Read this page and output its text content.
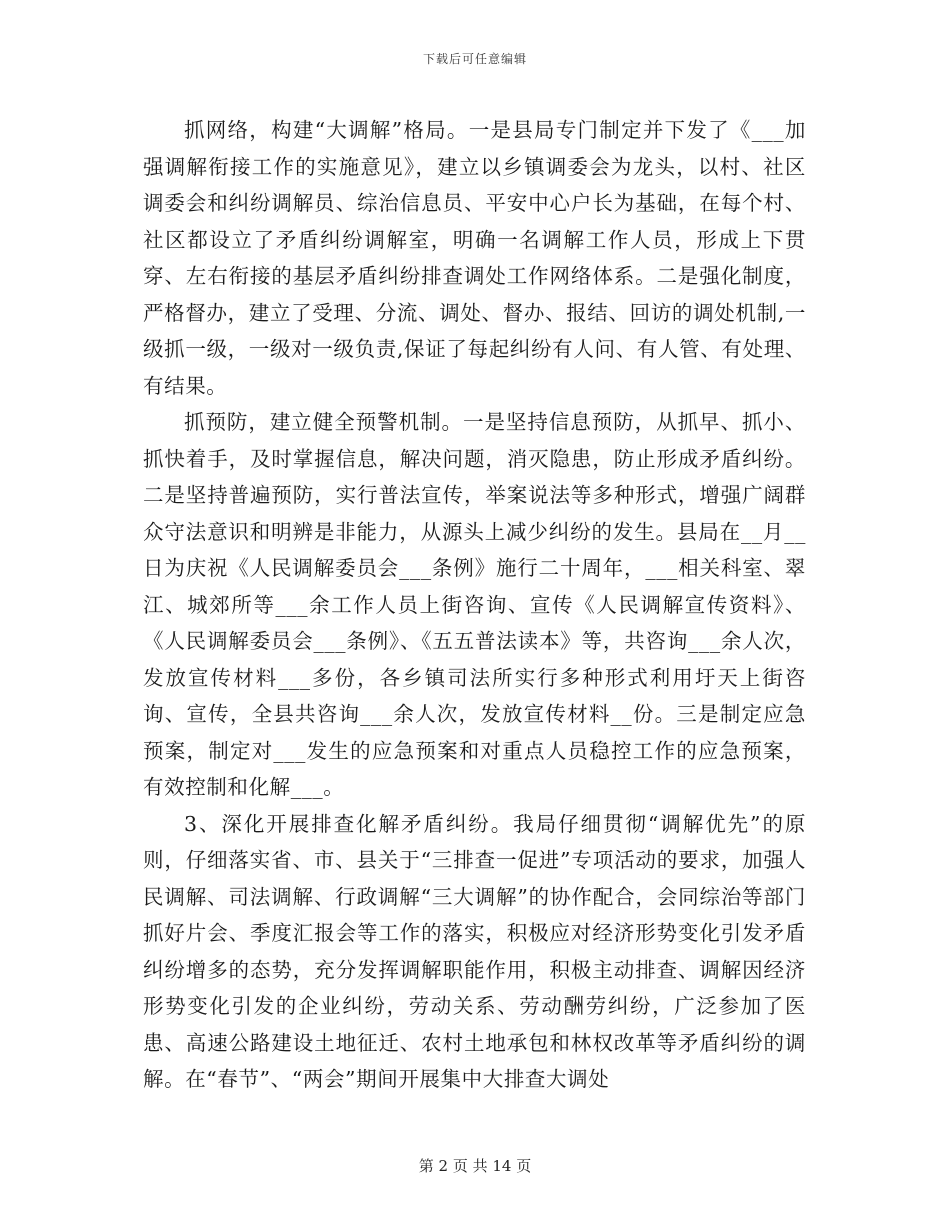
下载后可任意编辑

抓网络，构建“大调解”格局。一是县局专门制定并下发了《___加强调解衔接工作的实施意见》，建立以乡镇调委会为龙头，以村、社区调委会和纠纷调解员、综治信息员、平安中心户长为基础，在每个村、社区都设立了矛盾纠纷调解室，明确一名调解工作人员，形成上下贯穿、左右衔接的基层矛盾纠纷排查调处工作网络体系。二是强化制度，严格督办，建立了受理、分流、调处、督办、报结、回访的调处机制,一级抓一级，一级对一级负责,保证了每起纠纷有人问、有人管、有处理、有结果。

抓预防，建立健全预警机制。一是坚持信息预防，从抓早、抓小、抓快着手，及时掌握信息，解决问题，消灭隐患，防止形成矛盾纠纷。二是坚持普遍预防，实行普法宣传，举案说法等多种形式，增强广阔群众守法意识和明辨是非能力，从源头上减少纠纷的发生。县局在__月__日为庆祝《人民调解委员会___条例》施行二十周年，___相关科室、翠江、城郊所等___余工作人员上街咨询、宣传《人民调解宣传资料》、《人民调解委员会___条例》、《五五普法读本》等，共咨询___余人次，发放宣传材料___多份，各乡镇司法所实行多种形式利用圩天上街咨询、宣传，全县共咨询___余人次，发放宣传材料__份。三是制定应急预案，制定对___发生的应急预案和对重点人员稳控工作的应急预案，有效控制和化解___。

3、深化开展排查化解矛盾纠纷。我局仔细贯彻“调解优先”的原则，仔细落实省、市、县关于“三排查一促进”专项活动的要求，加强人民调解、司法调解、行政调解“三大调解”的协作配合，会同综治等部门抓好片会、季度汇报会等工作的落实，积极应对经济形势变化引发矛盾纠纷增多的态势，充分发挥调解职能作用，积极主动排查、调解因经济形势变化引发的企业纠纷，劳动关系、劳动酬劳纠纷，广泛参加了医患、高速公路建设土地征迁、农村土地承包和林权改革等矛盾纠纷的调解。在“春节”、“两会”期间开展集中大排查大调处

第 2 页 共 14 页
